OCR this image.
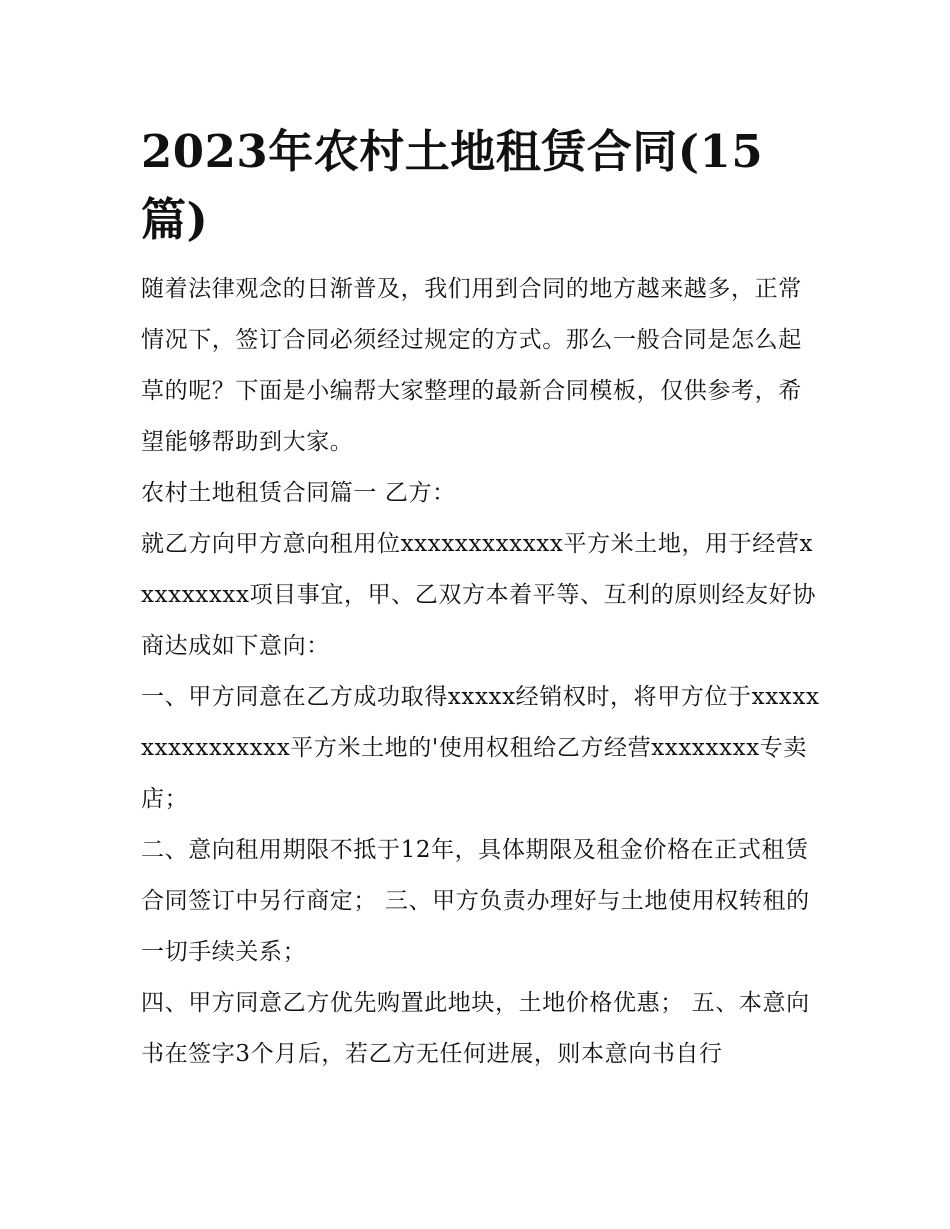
2023年农村土地租赁合同(15篇)

随着法律观念的日渐普及，我们用到合同的地方越来越多，正常情况下，签订合同必须经过规定的方式。那么一般合同是怎么起草的呢？下面是小编帮大家整理的最新合同模板，仅供参考，希望能够帮助到大家。

农村土地租赁合同篇一 乙方：

就乙方向甲方意向租用位xxxxxxxxxxxx平方米土地，用于经营xxxxxxxxx项目事宜，甲、乙双方本着平等、互利的原则经友好协商达成如下意向：

一、甲方同意在乙方成功取得xxxxx经销权时，将甲方位于xxxxxxxxxxxxxxxx平方米土地的'使用权租给乙方经营xxxxxxxx专卖店；

二、意向租用期限不抵于12年，具体期限及租金价格在正式租赁合同签订中另行商定； 三、甲方负责办理好与土地使用权转租的一切手续关系；

四、甲方同意乙方优先购置此地块，土地价格优惠； 五、本意向书在签字3个月后，若乙方无任何进展，则本意向书自行
